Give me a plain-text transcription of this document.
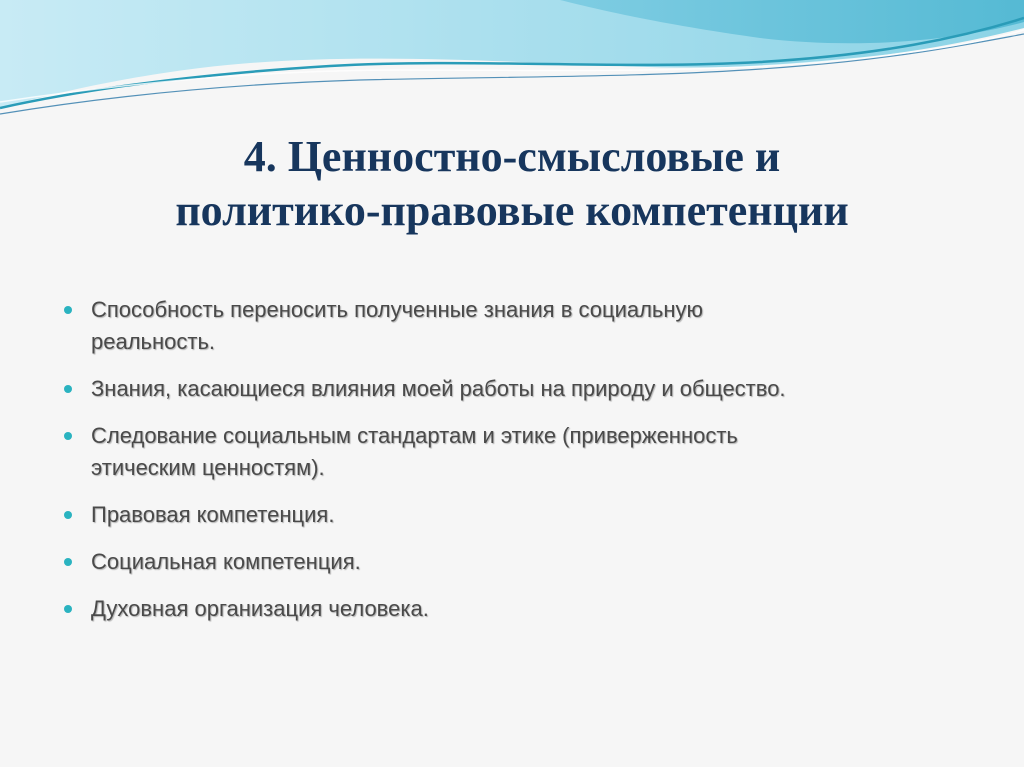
4. Ценностно-смысловые и
политико-правовые компетенции
Способность переносить полученные знания в социальную
реальность.
Знания, касающиеся влияния моей работы на природу и общество.
Следование социальным стандартам и этике (приверженность
этическим ценностям).
Правовая компетенция.
Социальная компетенция.
Духовная организация человека.
